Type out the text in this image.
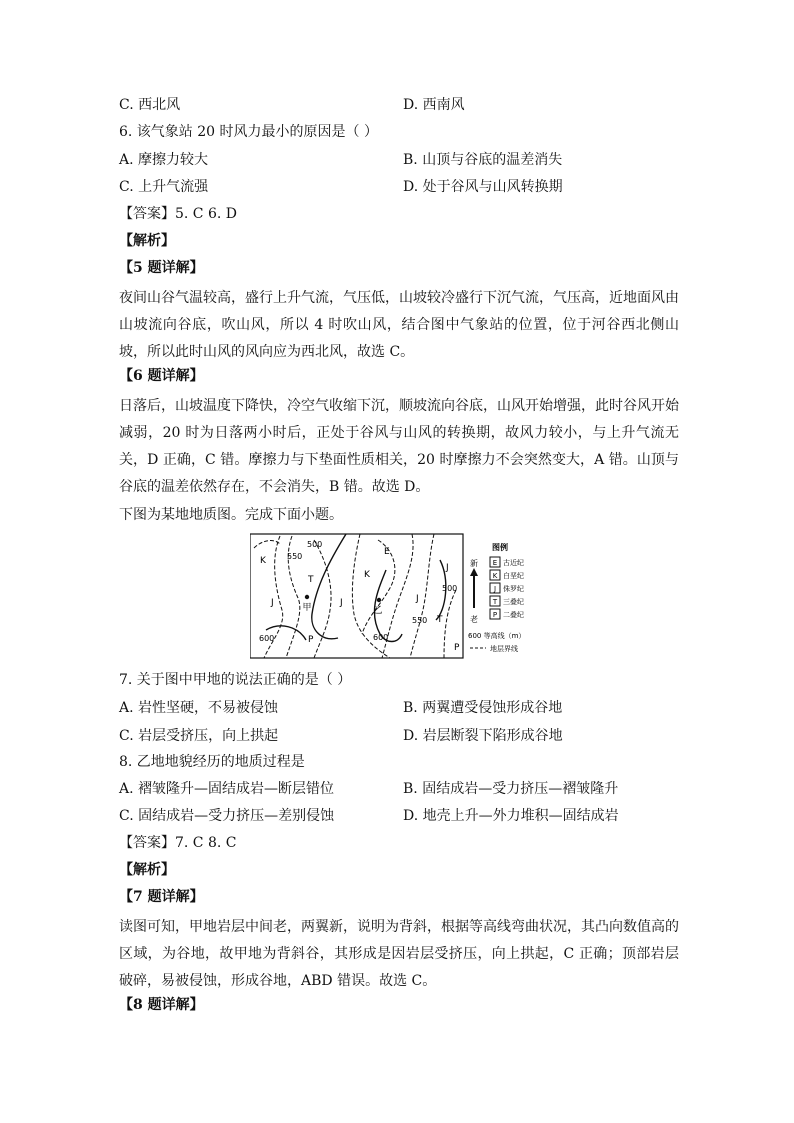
C. 西北风	D. 西南风
6. 该气象站 20 时风力最小的原因是（ ）
A. 摩擦力较大	B. 山顶与谷底的温差消失
C. 上升气流强	D. 处于谷风与山风转换期
【答案】5. C 6. D
【解析】
【5 题详解】
夜间山谷气温较高，盛行上升气流，气压低，山坡较冷盛行下沉气流，气压高，近地面风由山坡流向谷底，吹山风，所以 4 时吹山风，结合图中气象站的位置，位于河谷西北侧山坡，所以此时山风的风向应为西北风，故选 C。
【6 题详解】
日落后，山坡温度下降快，冷空气收缩下沉，顺坡流向谷底，山风开始增强，此时谷风开始减弱，20 时为日落两小时后，正处于谷风与山风的转换期，故风力较小，与上升气流无关，D 正确，C 错。摩擦力与下垫面性质相关，20 时摩擦力不会突然变大，A 错。山顶与谷底的温差依然存在，不会消失，B 错。故选 D。
下图为某地地质图。完成下面小题。
甲	乙
K
T
J
P
E
K
J	J
T
P
J
500
550
600	600
550
500
新
老
图例
E 古近纪
K 白垩纪
J 侏罗纪
T 三叠纪
P 二叠纪
600 等高线（m）
地层界线
7. 关于图中甲地的说法正确的是（ ）
A. 岩性坚硬，不易被侵蚀	B. 两翼遭受侵蚀形成谷地
C. 岩层受挤压，向上拱起	D. 岩层断裂下陷形成谷地
8. 乙地地貌经历的地质过程是
A. 褶皱隆升—固结成岩—断层错位	B. 固结成岩—受力挤压—褶皱隆升
C. 固结成岩—受力挤压—差别侵蚀	D. 地壳上升—外力堆积—固结成岩
【答案】7. C 8. C
【解析】
【7 题详解】
读图可知，甲地岩层中间老，两翼新，说明为背斜，根据等高线弯曲状况，其凸向数值高的区域，为谷地，故甲地为背斜谷，其形成是因岩层受挤压，向上拱起，C 正确；顶部岩层破碎，易被侵蚀，形成谷地，ABD 错误。故选 C。
【8 题详解】
